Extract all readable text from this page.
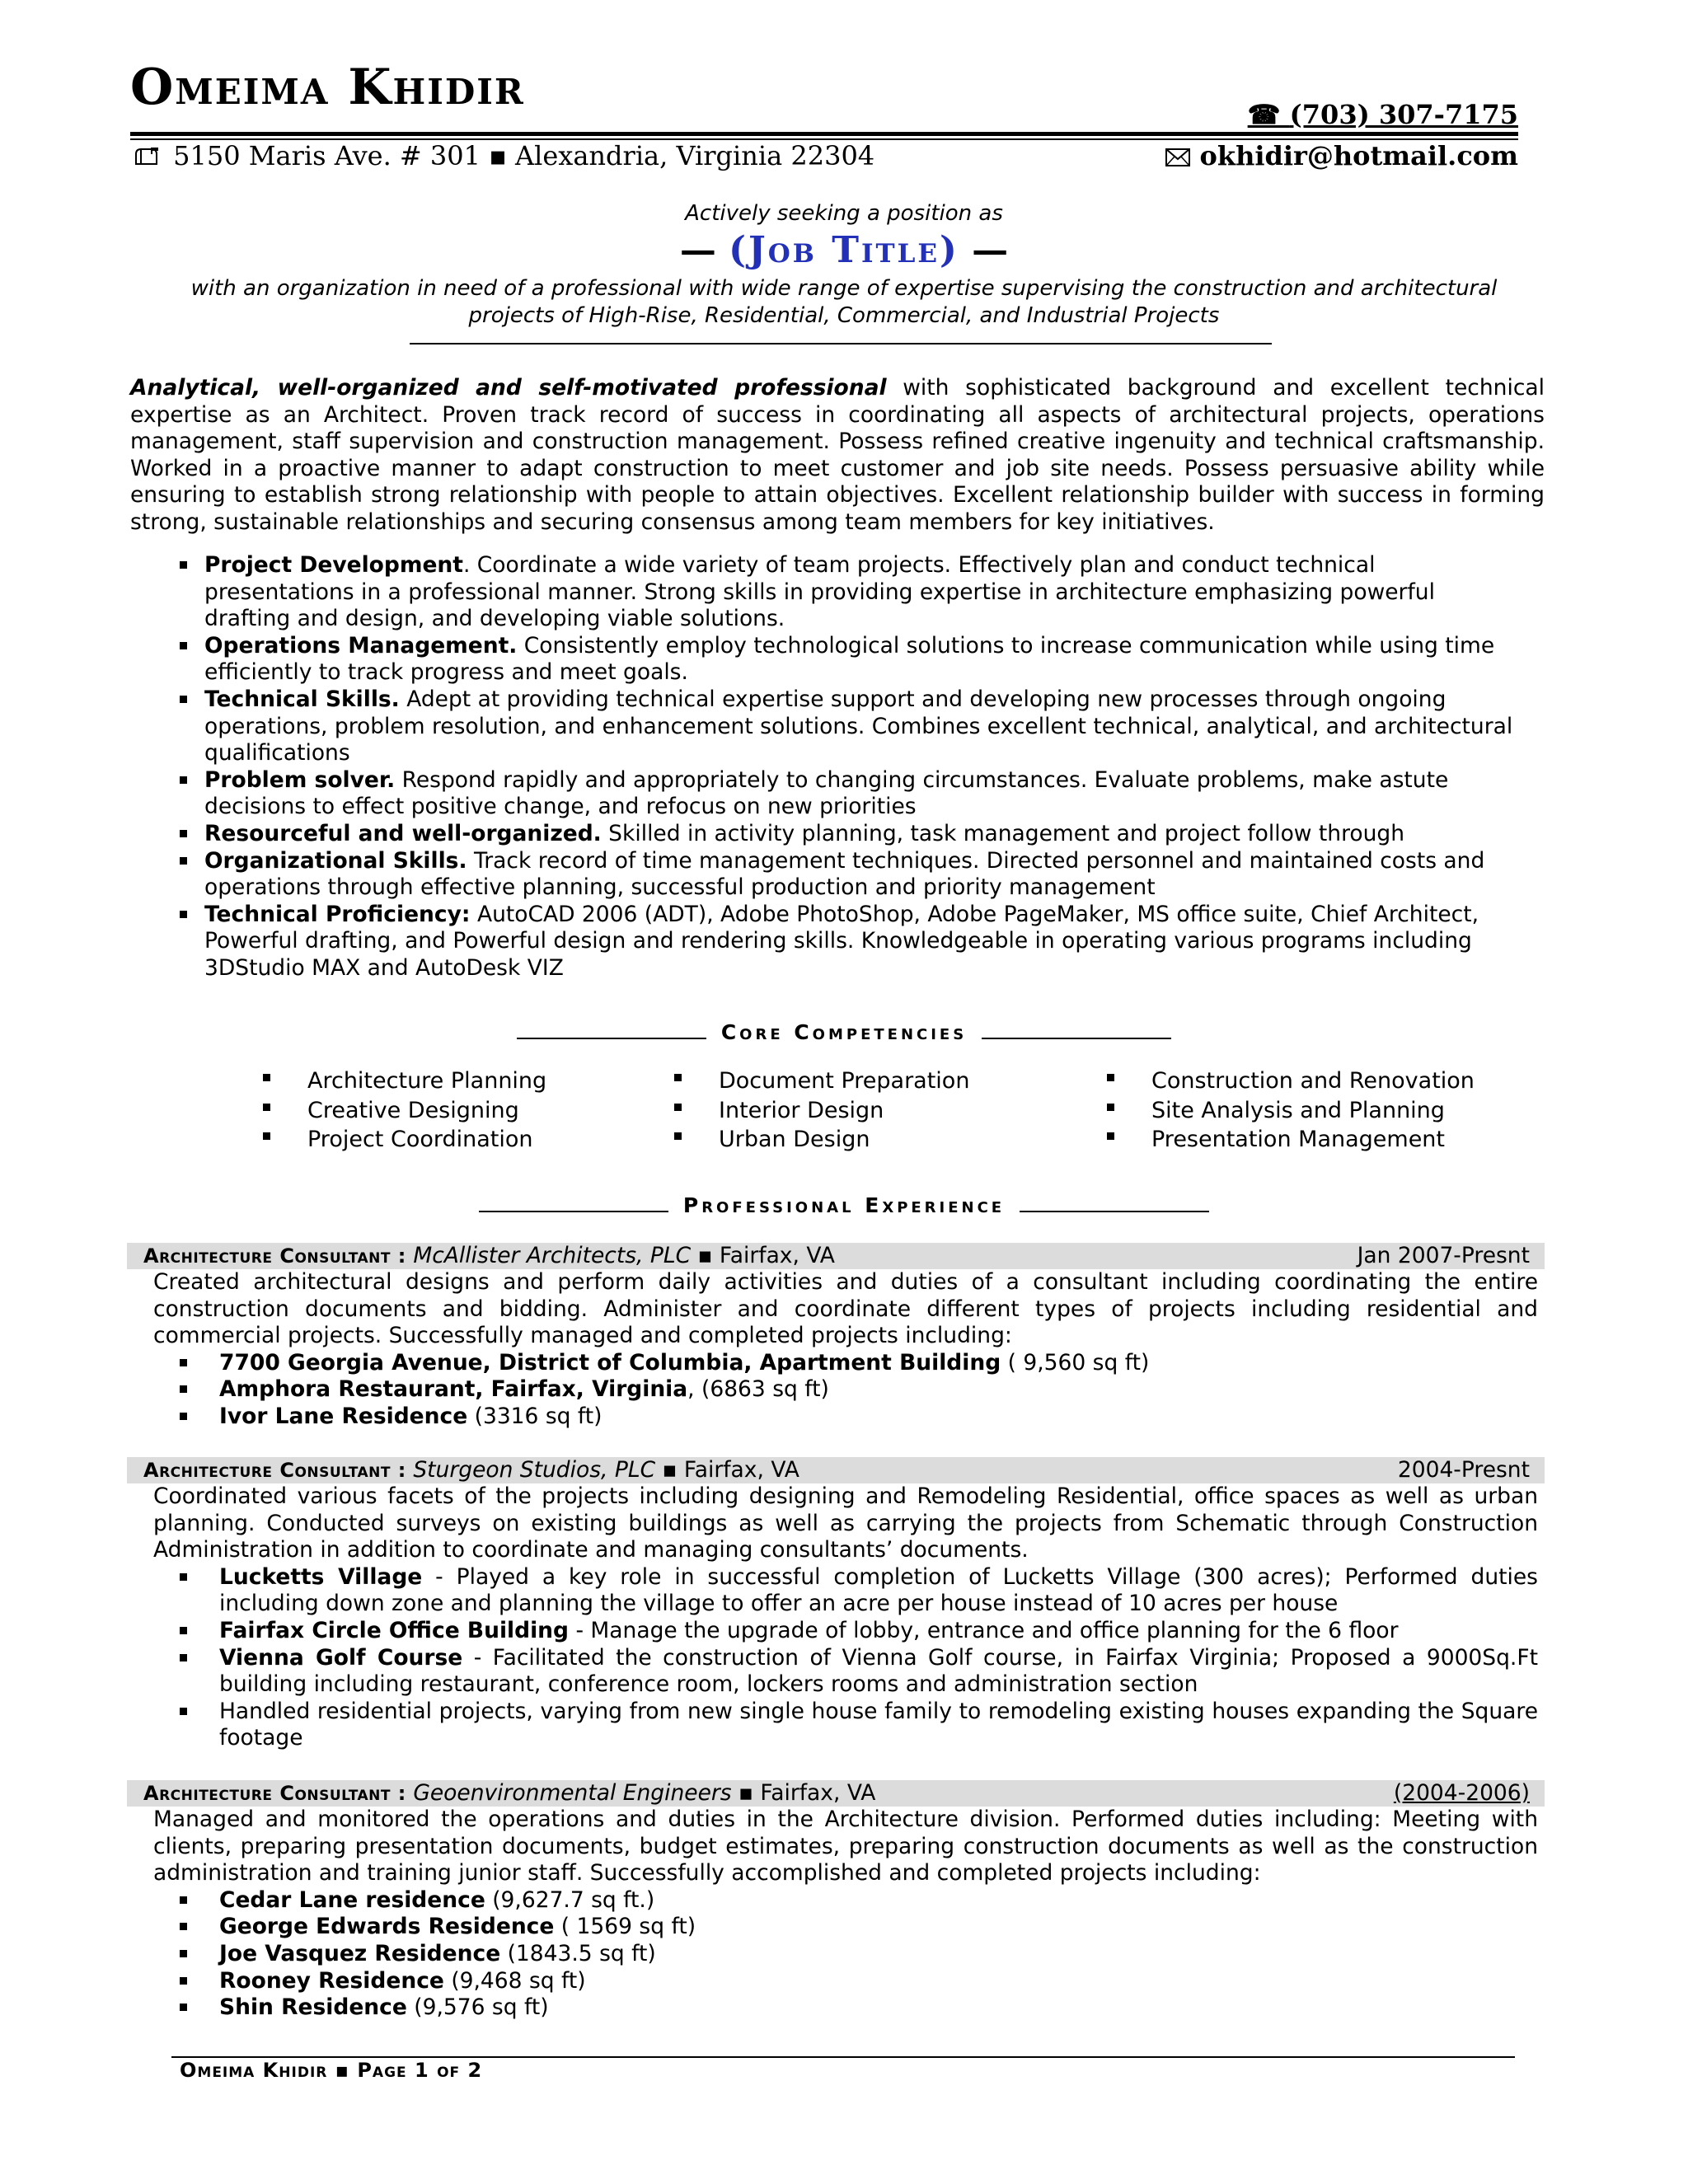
Omeima Khidir	☎ (703) 307-7175
5150 Maris Ave. # 301 ▪ Alexandria, Virginia 22304	okhidir@hotmail.com
Actively seeking a position as
— (Job Title) —
with an organization in need of a professional with wide range of expertise supervising the construction and architectural projects of High-Rise, Residential, Commercial, and Industrial Projects
Analytical, well-organized and self-motivated professional with sophisticated background and excellent technical expertise as an Architect. Proven track record of success in coordinating all aspects of architectural projects, operations management, staff supervision and construction management. Possess refined creative ingenuity and technical craftsmanship. Worked in a proactive manner to adapt construction to meet customer and job site needs. Possess persuasive ability while ensuring to establish strong relationship with people to attain objectives. Excellent relationship builder with success in forming strong, sustainable relationships and securing consensus among team members for key initiatives.
Project Development. Coordinate a wide variety of team projects. Effectively plan and conduct technical presentations in a professional manner. Strong skills in providing expertise in architecture emphasizing powerful drafting and design, and developing viable solutions.
Operations Management. Consistently employ technological solutions to increase communication while using time efficiently to track progress and meet goals.
Technical Skills. Adept at providing technical expertise support and developing new processes through ongoing operations, problem resolution, and enhancement solutions. Combines excellent technical, analytical, and architectural qualifications
Problem solver. Respond rapidly and appropriately to changing circumstances. Evaluate problems, make astute decisions to effect positive change, and refocus on new priorities
Resourceful and well-organized. Skilled in activity planning, task management and project follow through
Organizational Skills. Track record of time management techniques. Directed personnel and maintained costs and operations through effective planning, successful production and priority management
Technical Proficiency: AutoCAD 2006 (ADT), Adobe PhotoShop, Adobe PageMaker, MS office suite, Chief Architect, Powerful drafting, and Powerful design and rendering skills. Knowledgeable in operating various programs including 3DStudio MAX and AutoDesk VIZ
Core Competencies
Architecture Planning
Creative Designing
Project Coordination
Document Preparation
Interior Design
Urban Design
Construction and Renovation
Site Analysis and Planning
Presentation Management
Professional Experience
Architecture Consultant : McAllister Architects, PLC ▪ Fairfax, VA	Jan 2007-Presnt
Created architectural designs and perform daily activities and duties of a consultant including coordinating the entire construction documents and bidding. Administer and coordinate different types of projects including residential and commercial projects. Successfully managed and completed projects including:
7700 Georgia Avenue, District of Columbia, Apartment Building ( 9,560 sq ft)
Amphora Restaurant, Fairfax, Virginia, (6863 sq ft)
Ivor Lane Residence (3316 sq ft)
Architecture Consultant : Sturgeon Studios, PLC ▪ Fairfax, VA	2004-Presnt
Coordinated various facets of the projects including designing and Remodeling Residential, office spaces as well as urban planning. Conducted surveys on existing buildings as well as carrying the projects from Schematic through Construction Administration in addition to coordinate and managing consultants’ documents.
Lucketts Village - Played a key role in successful completion of Lucketts Village (300 acres); Performed duties including down zone and planning the village to offer an acre per house instead of 10 acres per house
Fairfax Circle Office Building - Manage the upgrade of lobby, entrance and office planning for the 6 floor
Vienna Golf Course - Facilitated the construction of Vienna Golf course, in Fairfax Virginia; Proposed a 9000Sq.Ft building including restaurant, conference room, lockers rooms and administration section
Handled residential projects, varying from new single house family to remodeling existing houses expanding the Square footage
Architecture Consultant : Geoenvironmental Engineers ▪ Fairfax, VA	(2004-2006)
Managed and monitored the operations and duties in the Architecture division. Performed duties including: Meeting with clients, preparing presentation documents, budget estimates, preparing construction documents as well as the construction administration and training junior staff. Successfully accomplished and completed projects including:
Cedar Lane residence (9,627.7 sq ft.)
George Edwards Residence ( 1569 sq ft)
Joe Vasquez Residence (1843.5 sq ft)
Rooney Residence (9,468 sq ft)
Shin Residence (9,576 sq ft)
Omeima Khidir ▪ Page 1 of 2
